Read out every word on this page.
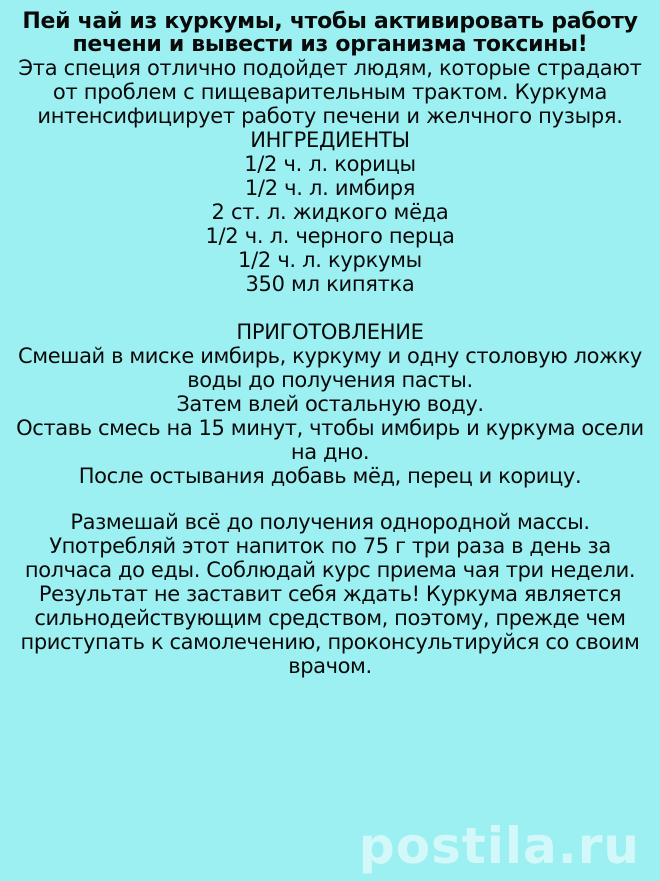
Пей чай из куркумы, чтобы активировать работу печени и вывести из организма токсины!

Эта специя отлично подойдет людям, которые страдают от проблем с пищеварительным трактом. Куркума интенсифицирует работу печени и желчного пузыря.

ИНГРЕДИЕНТЫ
1/2 ч. л. корицы
1/2 ч. л. имбиря
2 ст. л. жидкого мёда
1/2 ч. л. черного перца
1/2 ч. л. куркумы
350 мл кипятка
ПРИГОТОВЛЕНИЕ

Смешай в миске имбирь, куркуму и одну столовую ложку воды до получения пасты.

Затем влей остальную воду.

Оставь смесь на 15 минут, чтобы имбирь и куркума осели на дно.

После остывания добавь мёд, перец и корицу.

Размешай всё до получения однородной массы.

Употребляй этот напиток по 75 г три раза в день за полчаса до еды. Соблюдай курс приема чая три недели. Результат не заставит себя ждать! Куркума является сильнодействующим средством, поэтому, прежде чем приступать к самолечению, проконсультируйся со своим врачом.

postila.ru
